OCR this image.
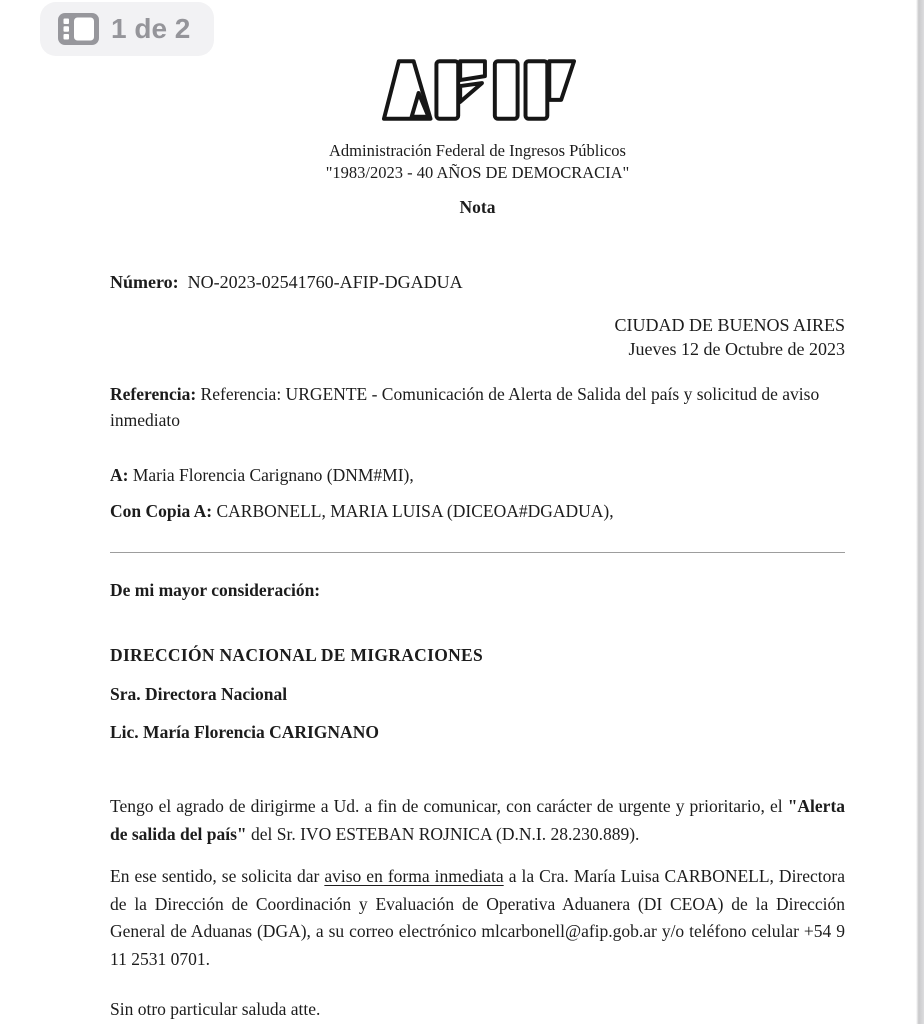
1 de 2
Administración Federal de Ingresos Públicos
"1983/2023 - 40 AÑOS DE DEMOCRACIA"
Nota
Número: NO-2023-02541760-AFIP-DGADUA
CIUDAD DE BUENOS AIRES
Jueves 12 de Octubre de 2023
Referencia: Referencia: URGENTE - Comunicación de Alerta de Salida del país y solicitud de aviso inmediato
A: Maria Florencia Carignano (DNM#MI),
Con Copia A: CARBONELL, MARIA LUISA (DICEOA#DGADUA),
De mi mayor consideración:
DIRECCIÓN NACIONAL DE MIGRACIONES
Sra. Directora Nacional
Lic. María Florencia CARIGNANO
Tengo el agrado de dirigirme a Ud. a fin de comunicar, con carácter de urgente y prioritario, el "Alerta de salida del país" del Sr. IVO ESTEBAN ROJNICA (D.N.I. 28.230.889).
En ese sentido, se solicita dar aviso en forma inmediata a la Cra. María Luisa CARBONELL, Directora de la Dirección de Coordinación y Evaluación de Operativa Aduanera (DI CEOA) de la Dirección General de Aduanas (DGA), a su correo electrónico mlcarbonell@afip.gob.ar y/o teléfono celular +54 9 11 2531 0701.
Sin otro particular saluda atte.
